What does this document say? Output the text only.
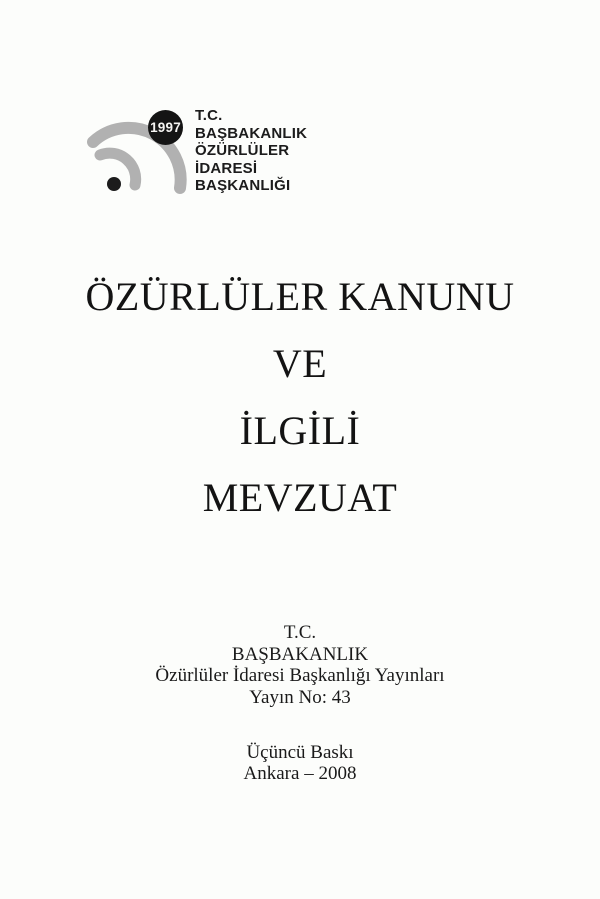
1997
T.C.
BAŞBAKANLIK
ÖZÜRLÜLER
İDARESİ
BAŞKANLIĞI
ÖZÜRLÜLER KANUNU
VE
İLGİLİ
MEVZUAT
T.C.
BAŞBAKANLIK
Özürlüler İdaresi Başkanlığı Yayınları
Yayın No: 43
Üçüncü Baskı
Ankara – 2008
